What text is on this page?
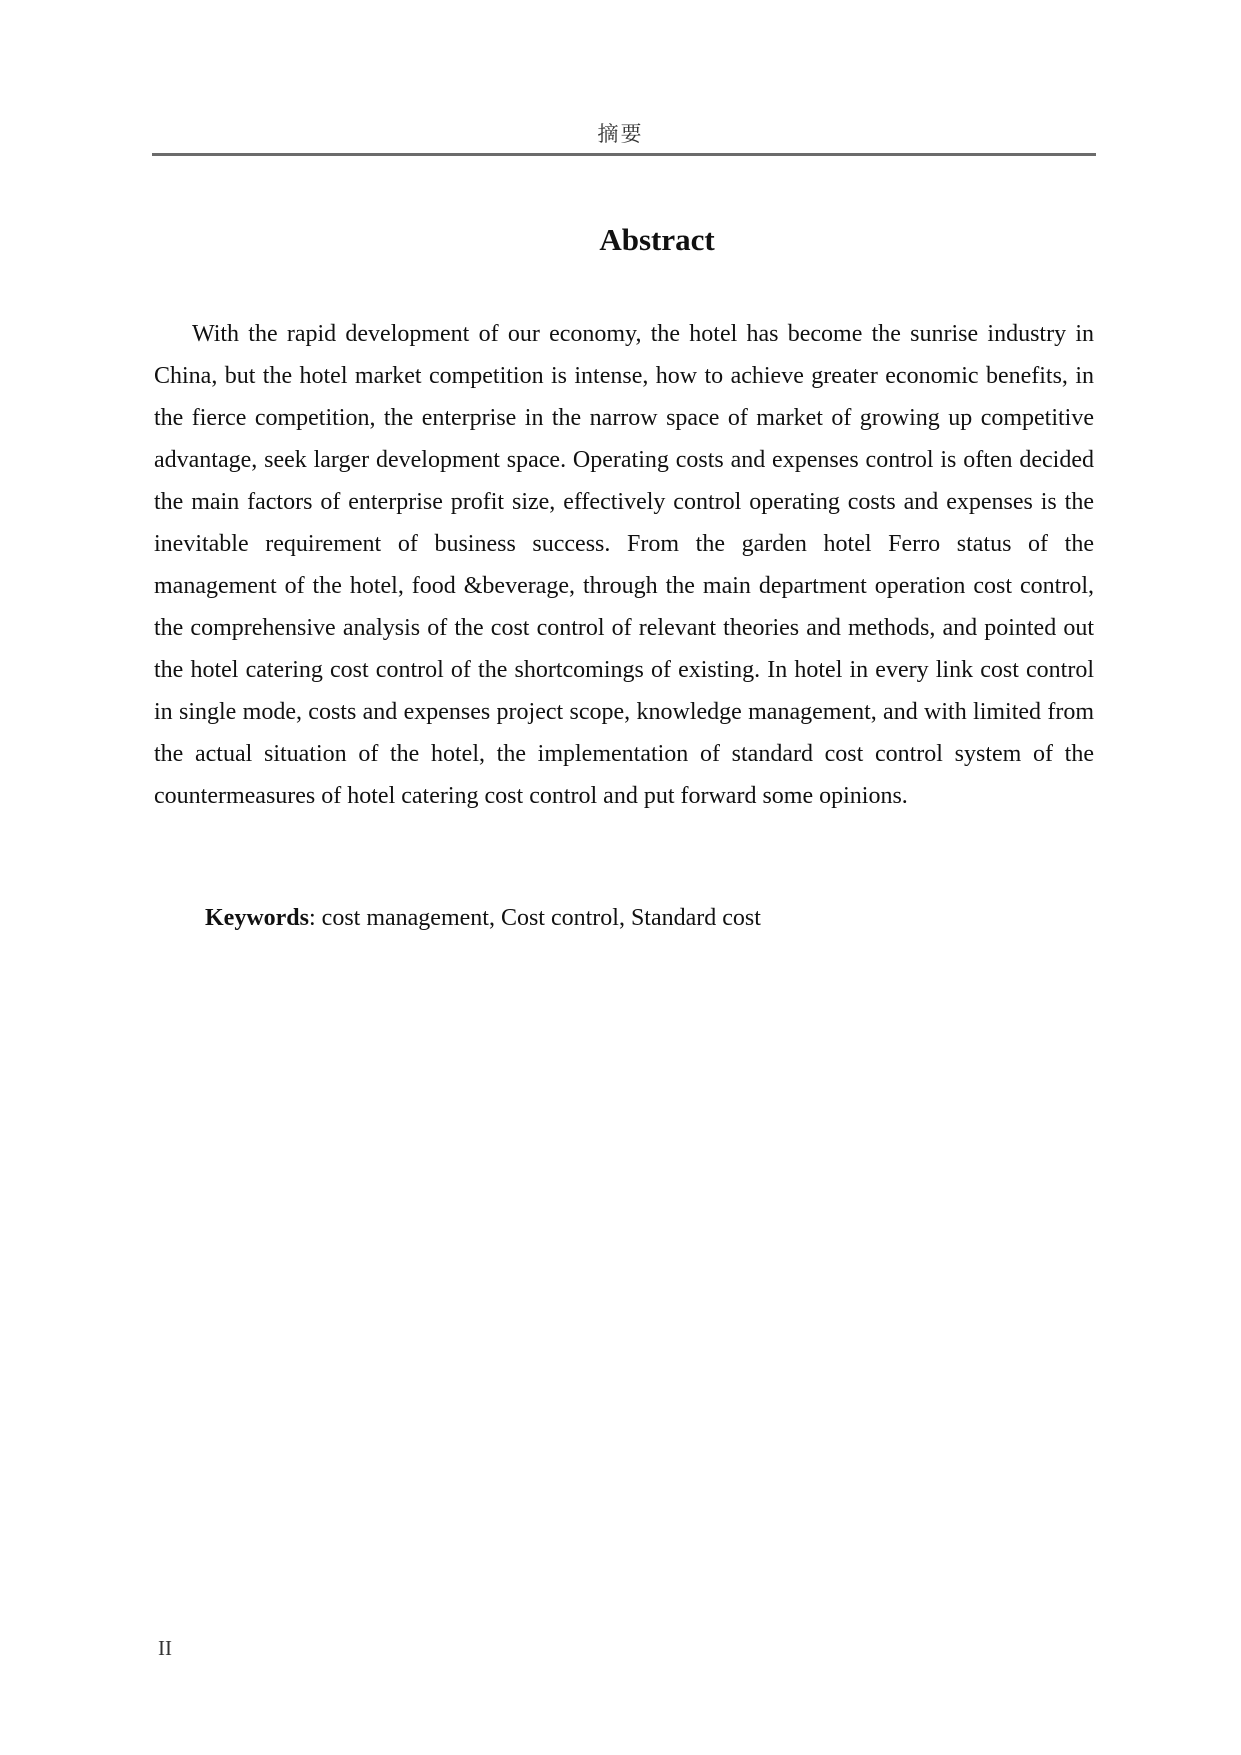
摘要
Abstract

With the rapid development of our economy, the hotel has become the sunrise industry in China, but the hotel market competition is intense, how to achieve greater economic benefits, in the fierce competition, the enterprise in the narrow space of market of growing up competitive advantage, seek larger development space. Operating costs and expenses control is often decided the main factors of enterprise profit size, effectively control operating costs and expenses is the inevitable requirement of business success. From the garden hotel Ferro status of the management of the hotel, food &beverage, through the main department operation cost control, the comprehensive analysis of the cost control of relevant theories and methods, and pointed out the hotel catering cost control of the shortcomings of existing. In hotel in every link cost control in single mode, costs and expenses project scope, knowledge management, and with limited from the actual situation of the hotel, the implementation of standard cost control system of the countermeasures of hotel catering cost control and put forward some opinions.

Keywords: cost management, Cost control, Standard cost

II
